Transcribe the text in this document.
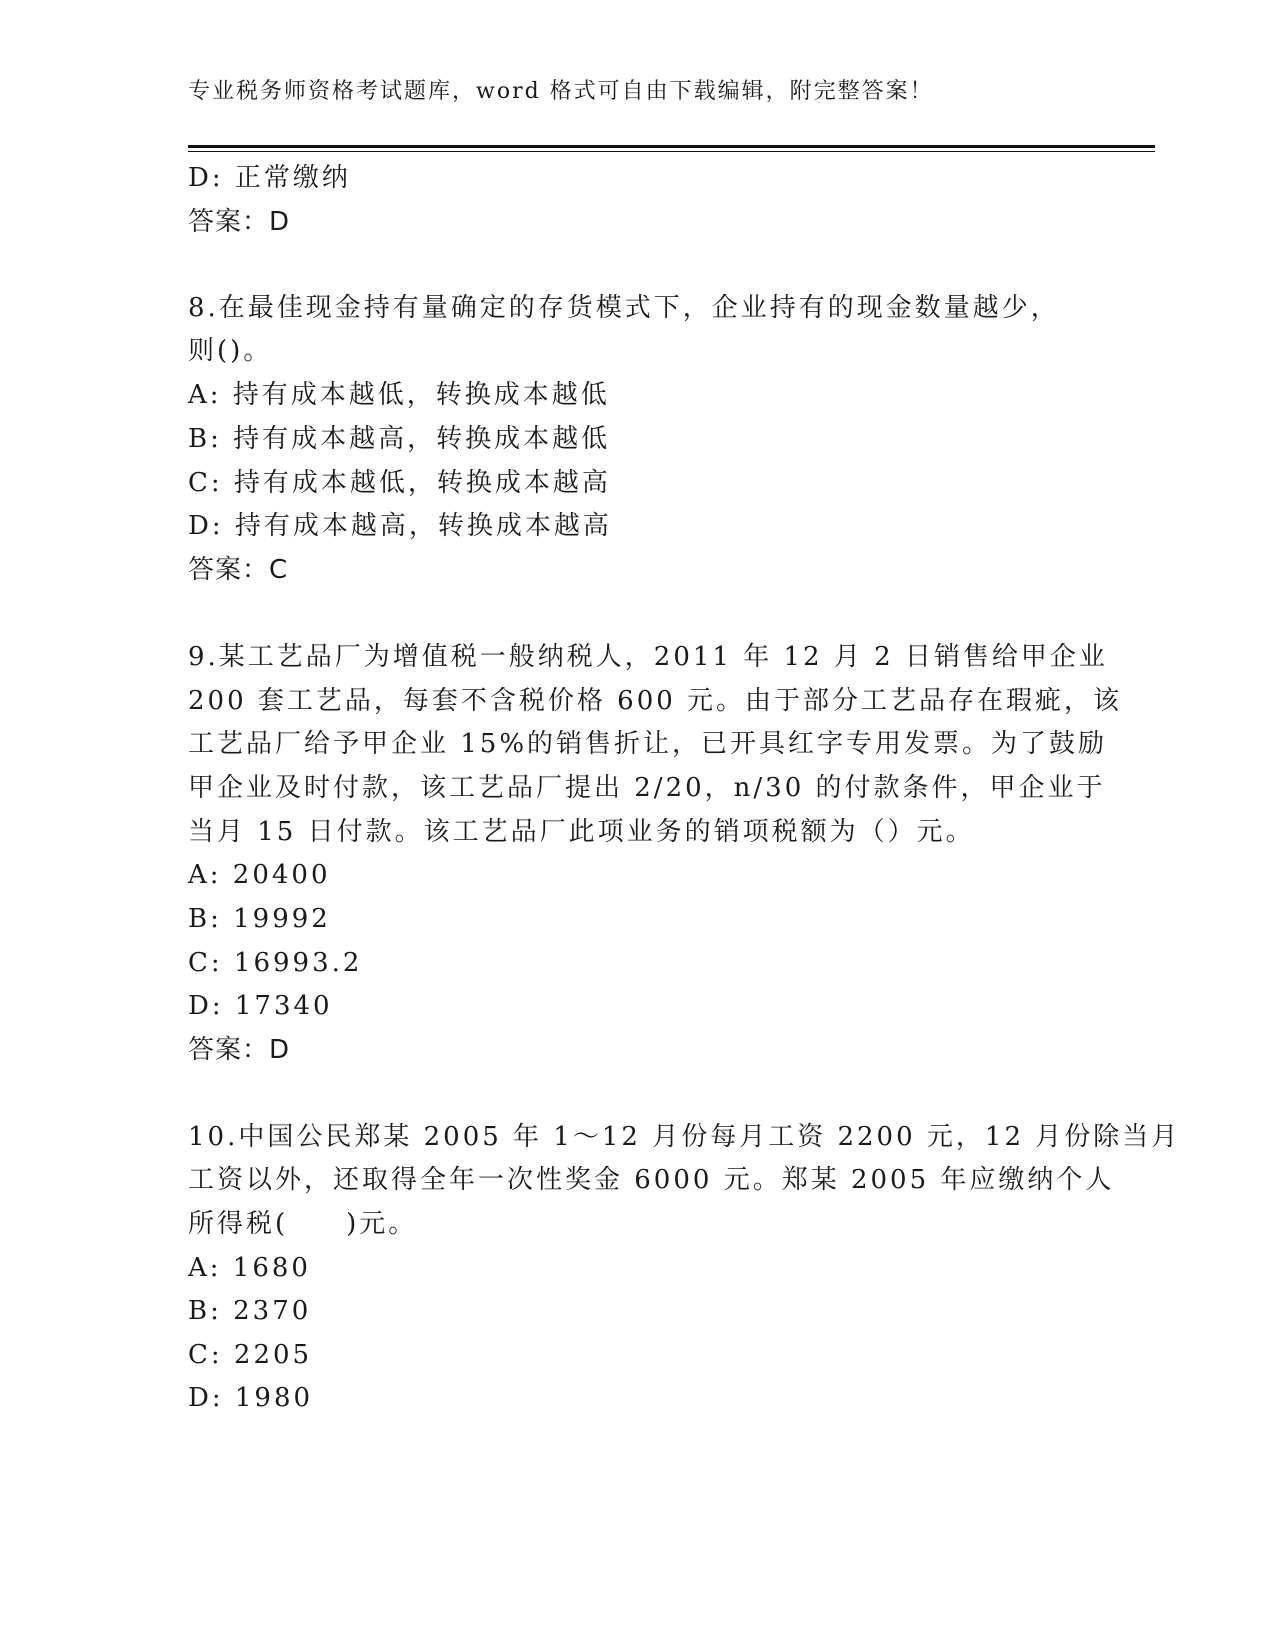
专业税务师资格考试题库，word 格式可自由下载编辑，附完整答案！
D: 正常缴纳
答案：D
8.在最佳现金持有量确定的存货模式下，企业持有的现金数量越少，
则()。
A: 持有成本越低，转换成本越低
B: 持有成本越高，转换成本越低
C: 持有成本越低，转换成本越高
D: 持有成本越高，转换成本越高
答案：C
9.某工艺品厂为增值税一般纳税人，2011 年 12 月 2 日销售给甲企业
200 套工艺品，每套不含税价格 600 元。由于部分工艺品存在瑕疵，该
工艺品厂给予甲企业 15%的销售折让，已开具红字专用发票。为了鼓励
甲企业及时付款，该工艺品厂提出 2/20，n/30 的付款条件，甲企业于
当月 15 日付款。该工艺品厂此项业务的销项税额为（）元。
A: 20400
B: 19992
C: 16993.2
D: 17340
答案：D
10.中国公民郑某 2005 年 1～12 月份每月工资 2200 元，12 月份除当月
工资以外，还取得全年一次性奖金 6000 元。郑某 2005 年应缴纳个人
所得税(　　)元。
A: 1680
B: 2370
C: 2205
D: 1980
